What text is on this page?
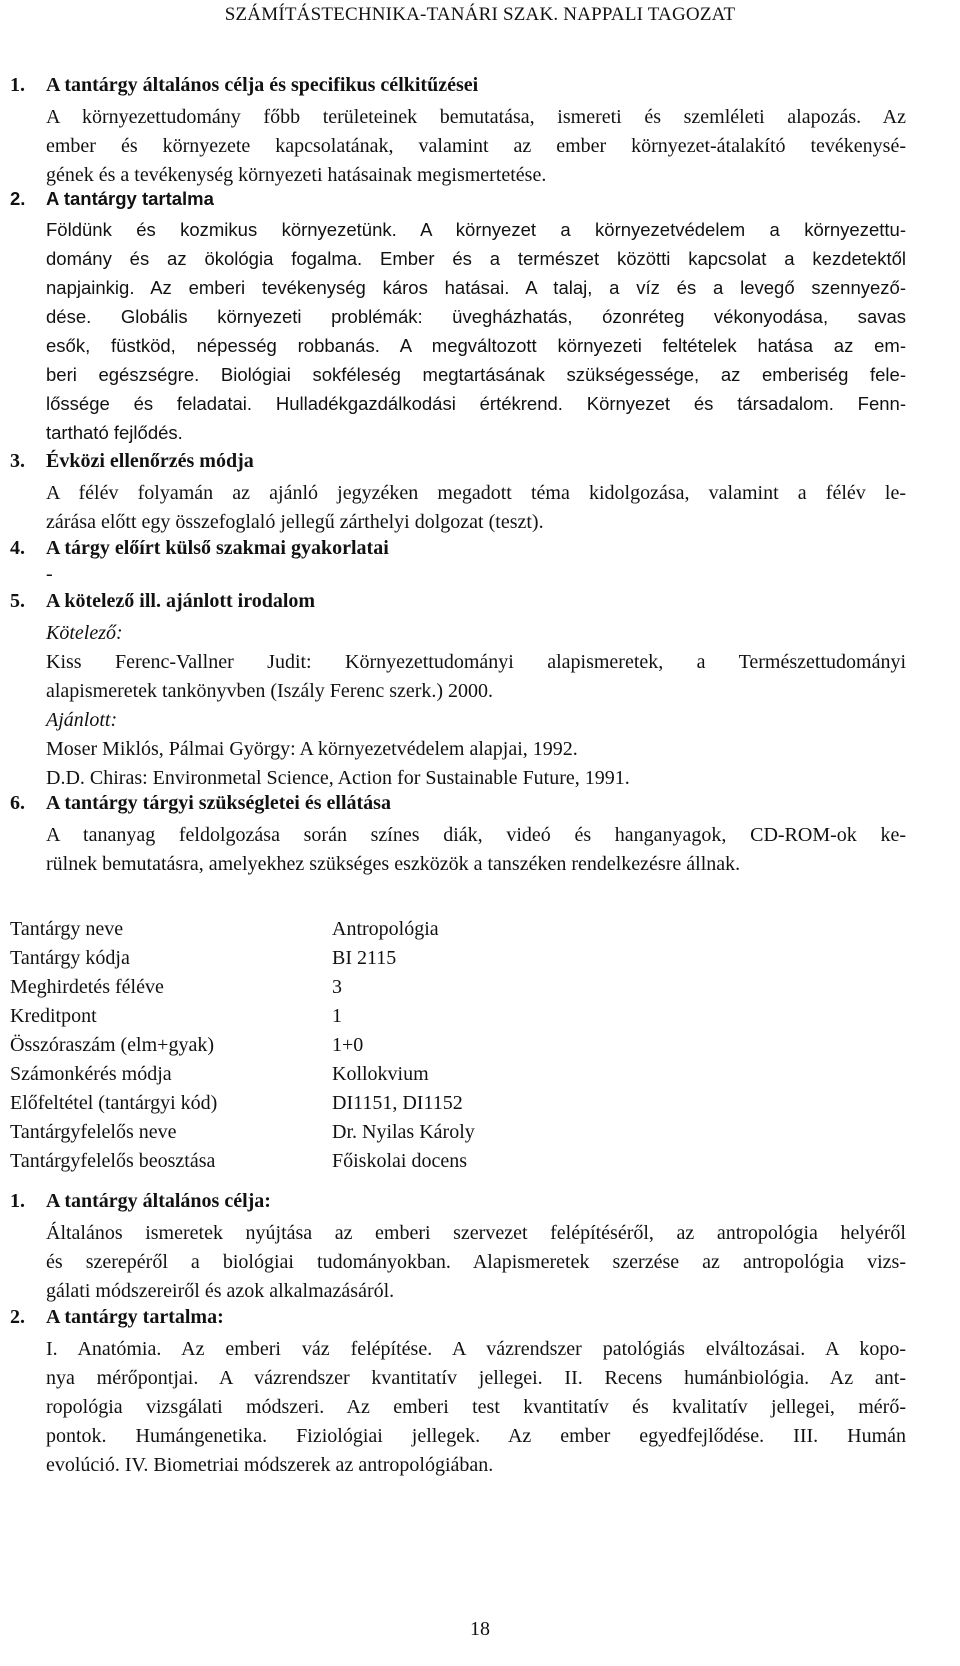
SZÁMÍTÁSTECHNIKA-TANÁRI SZAK. NAPPALI TAGOZAT
1. A tantárgy általános célja és specifikus célkitűzései
A környezettudomány főbb területeinek bemutatása, ismereti és szemléleti alapozás. Az
ember és környezete kapcsolatának, valamint az ember környezet-átalakító tevékenysé-
gének és a tevékenység környezeti hatásainak megismertetése.
2. A tantárgy tartalma
Földünk és kozmikus környezetünk. A környezet a környezetvédelem a környezettu-
domány és az ökológia fogalma. Ember és a természet közötti kapcsolat a kezdetektől
napjainkig. Az emberi tevékenység káros hatásai. A talaj, a víz és a levegő szennyező-
dése. Globális környezeti problémák: üvegházhatás, ózonréteg vékonyodása, savas
esők, füstköd, népesség robbanás. A megváltozott környezeti feltételek hatása az em-
beri egészségre. Biológiai sokféleség megtartásának szükségessége, az emberiség fele-
lőssége és feladatai. Hulladékgazdálkodási értékrend. Környezet és társadalom. Fenn-
tartható fejlődés.
3. Évközi ellenőrzés módja
A félév folyamán az ajánló jegyzéken megadott téma kidolgozása, valamint a félév le-
zárása előtt egy összefoglaló jellegű zárthelyi dolgozat (teszt).
4. A tárgy előírt külső szakmai gyakorlatai
-
5. A kötelező ill. ajánlott irodalom
Kötelező:
Kiss Ferenc-Vallner Judit: Környezettudományi alapismeretek, a Természettudományi
alapismeretek tankönyvben (Iszály Ferenc szerk.) 2000.
Ajánlott:
Moser Miklós, Pálmai György: A környezetvédelem alapjai, 1992.
D.D. Chiras: Environmetal Science, Action for Sustainable Future, 1991.
6. A tantárgy tárgyi szükségletei és ellátása
A tananyag feldolgozása során színes diák, videó és hanganyagok, CD-ROM-ok ke-
rülnek bemutatásra, amelyekhez szükséges eszközök a tanszéken rendelkezésre állnak.
Tantárgy neve	Antropológia
Tantárgy kódja	BI 2115
Meghirdetés féléve	3
Kreditpont	1
Összóraszám (elm+gyak)	1+0
Számonkérés módja	Kollokvium
Előfeltétel (tantárgyi kód)	DI1151, DI1152
Tantárgyfelelős neve	Dr. Nyilas Károly
Tantárgyfelelős beosztása	Főiskolai docens
1. A tantárgy általános célja:
Általános ismeretek nyújtása az emberi szervezet felépítéséről, az antropológia helyéről
és szerepéről a biológiai tudományokban. Alapismeretek szerzése az antropológia vizs-
gálati módszereiről és azok alkalmazásáról.
2. A tantárgy tartalma:
I. Anatómia. Az emberi váz felépítése. A vázrendszer patológiás elváltozásai. A kopo-
nya mérőpontjai. A vázrendszer kvantitatív jellegei. II. Recens humánbiológia. Az ant-
ropológia vizsgálati módszeri. Az emberi test kvantitatív és kvalitatív jellegei, mérő-
pontok. Humángenetika. Fiziológiai jellegek. Az ember egyedfejlődése. III. Humán
evolúció. IV. Biometriai módszerek az antropológiában.
18
